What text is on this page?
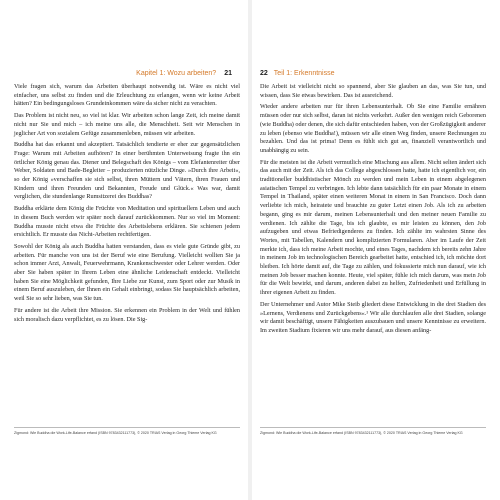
Kapitel 1: Wozu arbeiten? 21

Viele fragen sich, warum das Arbeiten überhaupt notwendig ist. Wäre es nicht viel einfacher, uns selbst zu finden und die Erleuchtung zu erlangen, wenn wir keine Arbeit hätten? Ein bedingungsloses Grundeinkommen wäre da sicher nicht zu verachten.

Das Problem ist nicht neu, so viel ist klar. Wir arbeiten schon lange Zeit, ich meine damit nicht nur Sie und mich – ich meine uns alle, die Menschheit. Seit wir Menschen in jeglicher Art von sozialem Gefüge zusammenleben, müssen wir arbeiten.

Buddha hat das erkannt und akzeptiert. Tatsächlich tendierte er eher zur gegensätzlichen Frage: Warum mit Arbeiten aufhören? In einer berühmten Unterweisung fragte ihn ein örtlicher König genau das. Diener und Belegschaft des Königs – vom Elefantenreiter über Weber, Soldaten und Bade-Begleiter – produzierten nützliche Dinge. »Durch ihre Arbeit«, so der König »verschaffen sie sich selbst, ihren Müttern und Vätern, ihren Frauen und Kindern und ihren Freunden und Bekannten, Freude und Glück.« Was war, damit verglichen, die stundenlange Rumsitzerei des Buddhas?

Buddha erklärte dem König die Früchte von Meditation und spirituellem Leben und auch in diesem Buch werden wir später noch darauf zurückkommen. Nur so viel im Moment: Buddha musste nicht etwa die Früchte des Arbeitslebens erklären. Sie schienen jedem ersichtlich. Er musste das Nicht-Arbeiten rechtfertigen.

Sowohl der König als auch Buddha hatten verstanden, dass es viele gute Gründe gibt, zu arbeiten. Für manche von uns ist der Beruf wie eine Berufung. Vielleicht wollten Sie ja schon immer Arzt, Anwalt, Feuerwehrmann, Krankenschwester oder Lehrer werden. Oder aber Sie haben später in Ihrem Leben eine ähnliche Leidenschaft entdeckt. Vielleicht haben Sie eine Möglichkeit gefunden, Ihre Liebe zur Kunst, zum Sport oder zur Musik in einem Beruf auszuleben, der Ihnen ein Gehalt einbringt, sodass Sie hauptsächlich arbeiten, weil Sie so sehr lieben, was Sie tun.

Für andere ist die Arbeit ihre Mission. Sie erkennen ein Problem in der Welt und fühlen sich moralisch dazu verpflichtet, es zu lösen. Die Sig-

Zigmond: Wie Buddha die Work-Life-Balance erfand (ISBN 9783432111773), © 2020 TRIAS Verlag in Georg Thieme Verlag KG
22 Teil 1: Erkenntnisse

Die Arbeit ist vielleicht nicht so spannend, aber Sie glauben an das, was Sie tun, und wissen, dass Sie etwas bewirken. Das ist ausreichend.

Wieder andere arbeiten nur für ihren Lebensunterhalt. Ob Sie eine Familie ernähren müssen oder nur sich selbst, daran ist nichts verkehrt. Außer den wenigen reich Geborenen (wie Buddha) oder denen, die sich dafür entschieden haben, von der Großzügigkeit anderer zu leben (ebenso wie Buddha!), müssen wir alle einen Weg finden, unsere Rechnungen zu bezahlen. Und das ist prima! Denn es fühlt sich gut an, finanziell verantwortlich und unabhängig zu sein.

Für die meisten ist die Arbeit vermutlich eine Mischung aus allem. Nicht selten ändert sich das auch mit der Zeit. Als ich das College abgeschlossen hatte, hatte ich eigentlich vor, ein traditioneller buddhistischer Mönch zu werden und mein Leben in einem abgelegenen asiatischen Tempel zu verbringen. Ich lebte dann tatsächlich für ein paar Monate in einem Tempel in Thailand, später einen weiteren Monat in einem in San Francisco. Doch dann verliebte ich mich, heiratete und brauchte zu guter Letzt einen Job. Als ich zu arbeiten begann, ging es mir darum, meinen Lebensunterhalt und den meiner neuen Familie zu verdienen. Ich zählte die Tage, bis ich glaubte, es mir leisten zu können, den Job aufzugeben und etwas Befriedigenderes zu finden. Ich zählte im wahrsten Sinne des Wortes, mit Tabellen, Kalendern und komplizierten Formularen. Aber im Laufe der Zeit merkte ich, dass ich meine Arbeit mochte, und eines Tages, nachdem ich bereits zehn Jahre in meinem Job im technologischen Bereich gearbeitet hatte, entschied ich, ich möchte dort bleiben. Ich hörte damit auf, die Tage zu zählen, und fokussierte mich nun darauf, wie ich meinen Job besser machen konnte. Heute, viel später, fühle ich mich darum, was mein Job für die Welt bewirkt, und darum, anderen dabei zu helfen, Zufriedenheit und Erfüllung in ihrer eigenen Arbeit zu finden.

Der Unternehmer und Autor Mike Steib gliedert diese Entwicklung in die drei Stadien des »Lernens, Verdienens und Zurückgebens«.¹ Wir alle durchlaufen alle drei Stadien, solange wir damit beschäftigt, unsere Fähigkeiten auszubauen und unsere Kenntnisse zu erweitern. Im zweiten Stadium fixieren wir uns mehr darauf, aus diesen anfäng-

Zigmond: Wie Buddha die Work-Life-Balance erfand (ISBN 9783432111773), © 2020 TRIAS Verlag in Georg Thieme Verlag KG
